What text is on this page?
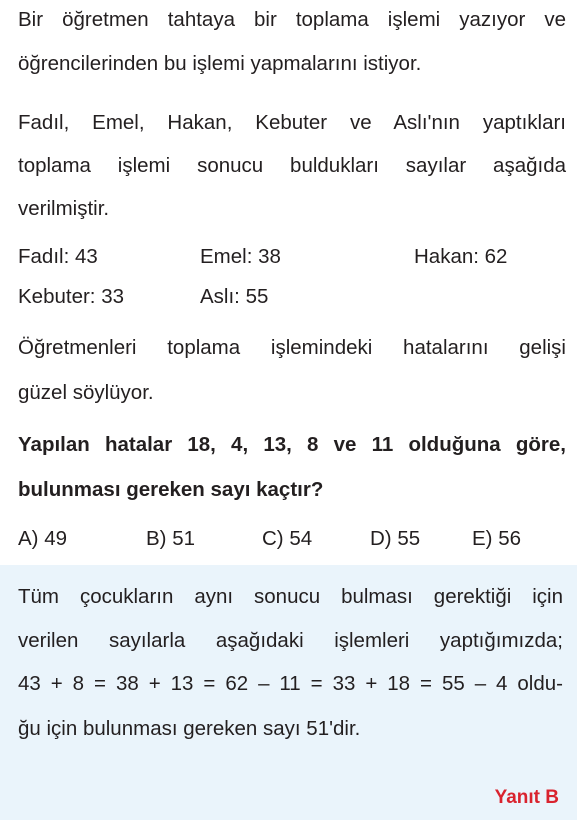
Bir öğretmen tahtaya bir toplama işlemi yazıyor ve
öğrencilerinden bu işlemi yapmalarını istiyor.
Fadıl, Emel, Hakan, Kebuter ve Aslı'nın yaptıkları
toplama işlemi sonucu buldukları sayılar aşağıda
verilmiştir.
Fadıl: 43	Emel: 38	Hakan: 62
Kebuter: 33	Aslı: 55
Öğretmenleri toplama işlemindeki hatalarını gelişi
güzel söylüyor.
Yapılan hatalar 18, 4, 13, 8 ve 11 olduğuna göre,
bulunması gereken sayı kaçtır?
A) 49	B) 51	C) 54	D) 55	E) 56
Tüm çocukların aynı sonucu bulması gerektiği için
verilen sayılarla aşağıdaki işlemleri yaptığımızda;
43 + 8 = 38 + 13 = 62 – 11 = 33 + 18 = 55 – 4 oldu-
ğu için bulunması gereken sayı 51'dir.
Yanıt B
